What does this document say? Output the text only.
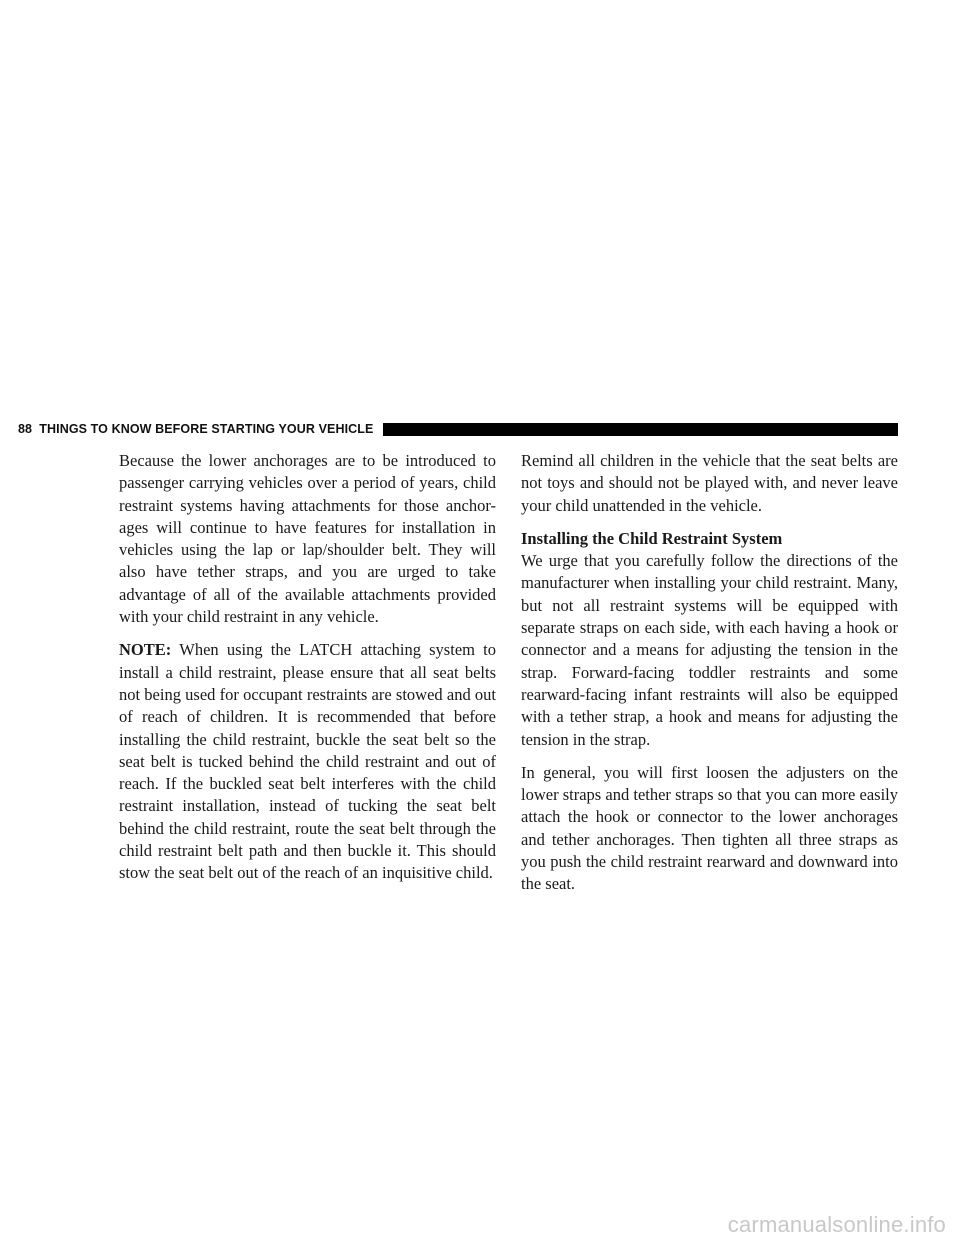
88 THINGS TO KNOW BEFORE STARTING YOUR VEHICLE

Because the lower anchorages are to be introduced to passenger carrying vehicles over a period of years, child restraint systems having attachments for those anchor-ages will continue to have features for installation in vehicles using the lap or lap/shoulder belt. They will also have tether straps, and you are urged to take advantage of all of the available attachments provided with your child restraint in any vehicle.

NOTE: When using the LATCH attaching system to install a child restraint, please ensure that all seat belts not being used for occupant restraints are stowed and out of reach of children. It is recommended that before installing the child restraint, buckle the seat belt so the seat belt is tucked behind the child restraint and out of reach. If the buckled seat belt interferes with the child restraint installation, instead of tucking the seat belt behind the child restraint, route the seat belt through the child restraint belt path and then buckle it. This should stow the seat belt out of the reach of an inquisitive child.

Remind all children in the vehicle that the seat belts are not toys and should not be played with, and never leave your child unattended in the vehicle.

Installing the Child Restraint System

We urge that you carefully follow the directions of the manufacturer when installing your child restraint. Many, but not all restraint systems will be equipped with separate straps on each side, with each having a hook or connector and a means for adjusting the tension in the strap. Forward-facing toddler restraints and some rearward-facing infant restraints will also be equipped with a tether strap, a hook and means for adjusting the tension in the strap.

In general, you will first loosen the adjusters on the lower straps and tether straps so that you can more easily attach the hook or connector to the lower anchorages and tether anchorages. Then tighten all three straps as you push the child restraint rearward and downward into the seat.

carmanualsonline.info
